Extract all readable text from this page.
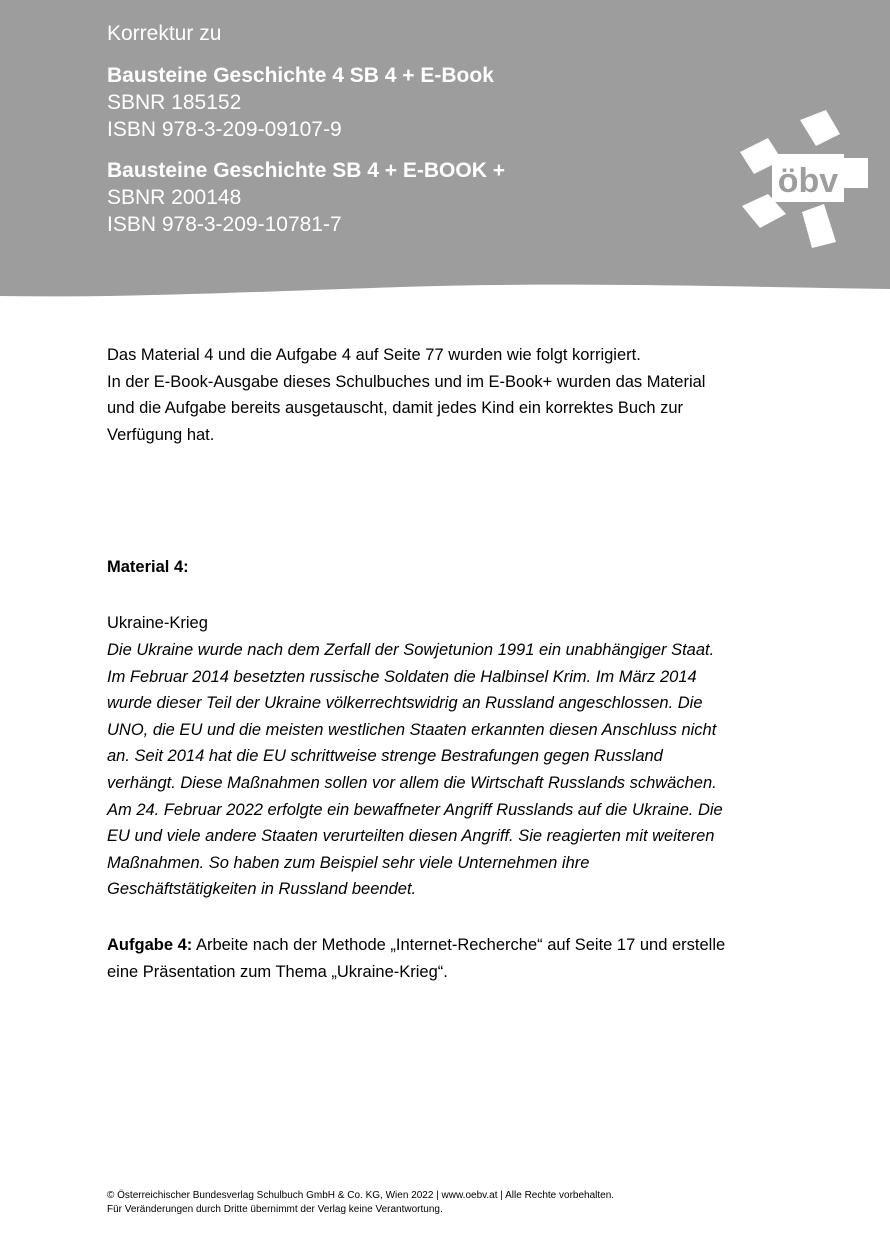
Korrektur zu

Bausteine Geschichte 4 SB 4 + E-Book

SBNR 185152

ISBN 978-3-209-09107-9

Bausteine Geschichte SB 4 + E-BOOK +

SBNR 200148

ISBN 978-3-209-10781-7

öbv

Das Material 4 und die Aufgabe 4 auf Seite 77 wurden wie folgt korrigiert.

In der E-Book-Ausgabe dieses Schulbuches und im E-Book+ wurden das Material

und die Aufgabe bereits ausgetauscht, damit jedes Kind ein korrektes Buch zur

Verfügung hat.

Material 4:

Ukraine-Krieg

Die Ukraine wurde nach dem Zerfall der Sowjetunion 1991 ein unabhängiger Staat.

Im Februar 2014 besetzten russische Soldaten die Halbinsel Krim. Im März 2014

wurde dieser Teil der Ukraine völkerrechtswidrig an Russland angeschlossen. Die

UNO, die EU und die meisten westlichen Staaten erkannten diesen Anschluss nicht

an. Seit 2014 hat die EU schrittweise strenge Bestrafungen gegen Russland

verhängt. Diese Maßnahmen sollen vor allem die Wirtschaft Russlands schwächen.

Am 24. Februar 2022 erfolgte ein bewaffneter Angriff Russlands auf die Ukraine. Die

EU und viele andere Staaten verurteilten diesen Angriff. Sie reagierten mit weiteren

Maßnahmen. So haben zum Beispiel sehr viele Unternehmen ihre

Geschäftstätigkeiten in Russland beendet.

Aufgabe 4: Arbeite nach der Methode „Internet-Recherche“ auf Seite 17 und erstelle

eine Präsentation zum Thema „Ukraine-Krieg“.

© Österreichischer Bundesverlag Schulbuch GmbH & Co. KG, Wien 2022 | www.oebv.at | Alle Rechte vorbehalten.

Für Veränderungen durch Dritte übernimmt der Verlag keine Verantwortung.
